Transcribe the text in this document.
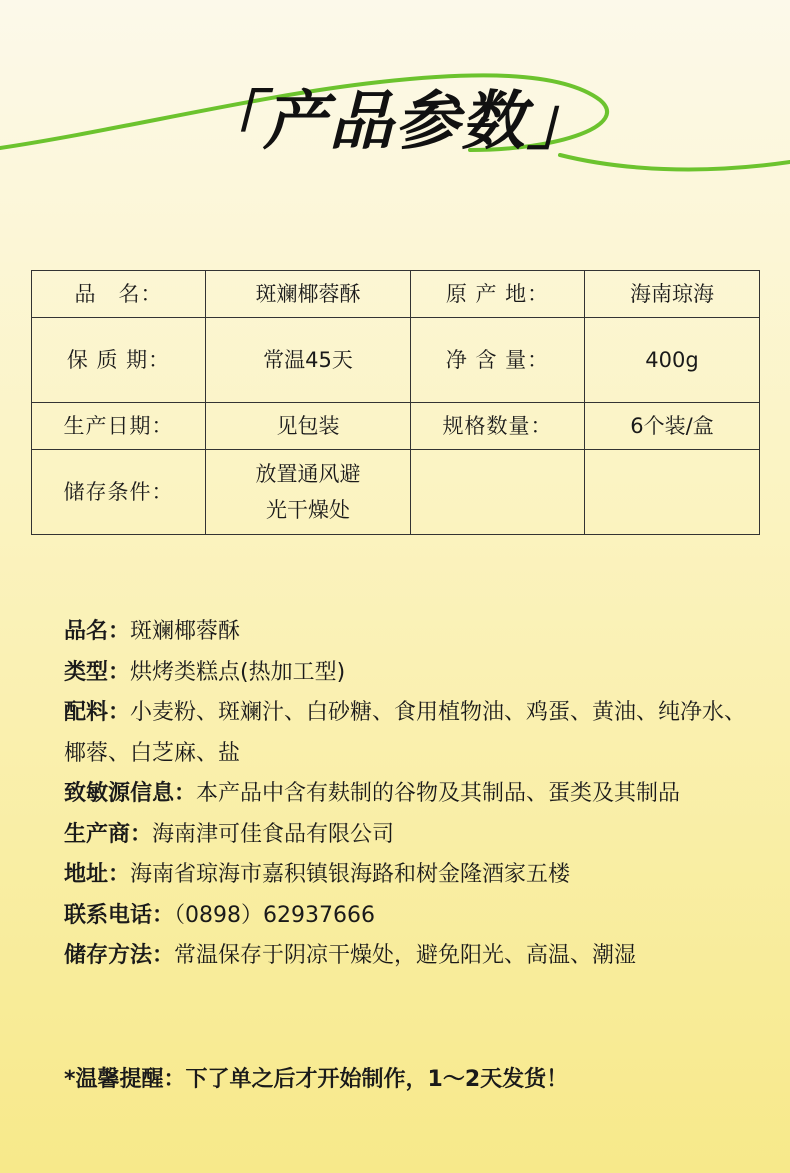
「产品参数」
品　名：	斑斓椰蓉酥	原 产 地：	海南琼海
保 质 期：	常温45天	净 含 量：	400g
生产日期：	见包装	规格数量：	6个装/盒
储存条件：	放置通风避光干燥处		

品名：斑斓椰蓉酥

类型：烘烤类糕点(热加工型)

配料：小麦粉、斑斓汁、白砂糖、食用植物油、鸡蛋、黄油、纯净水、椰蓉、白芝麻、盐

致敏源信息：本产品中含有麸制的谷物及其制品、蛋类及其制品

生产商：海南津可佳食品有限公司

地址：海南省琼海市嘉积镇银海路和树金隆酒家五楼

联系电话：（0898）62937666

储存方法：常温保存于阴凉干燥处，避免阳光、高温、潮湿

*温馨提醒：下了单之后才开始制作，1～2天发货！
